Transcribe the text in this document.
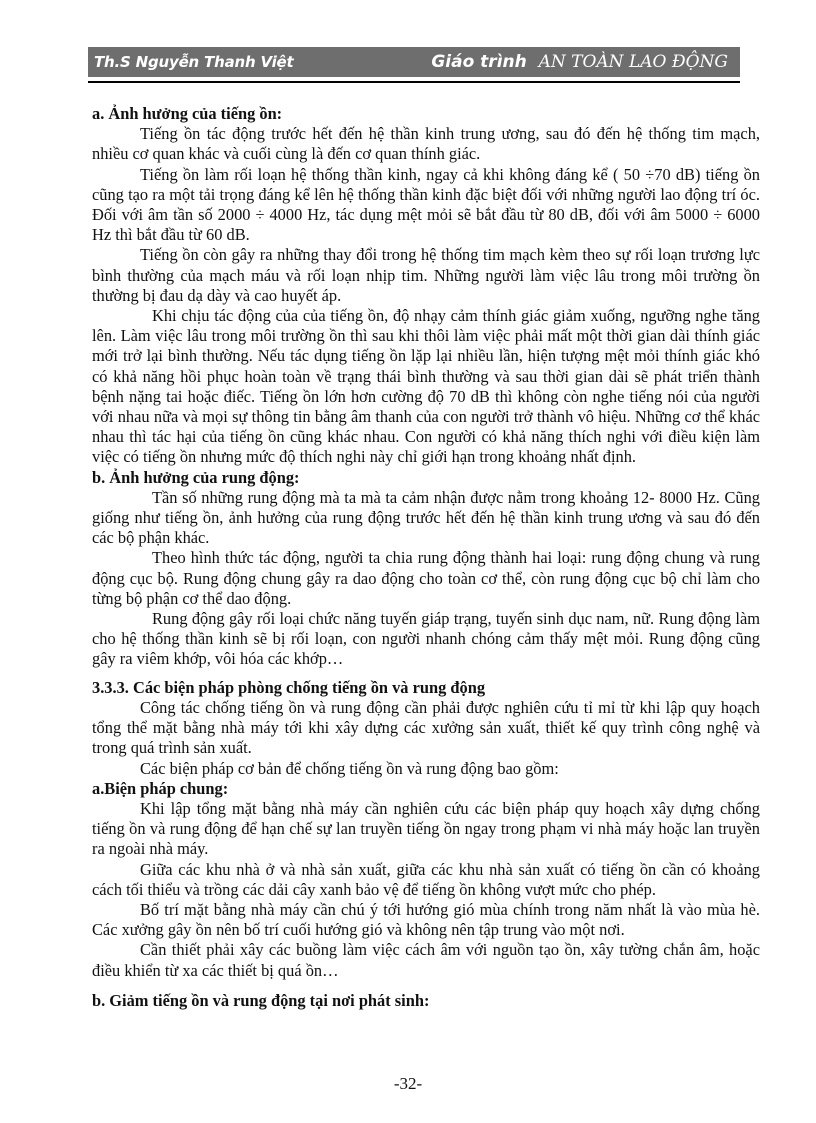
Th.S Nguyễn Thanh Việt	Giáo trình AN TOÀN LAO ĐỘNG
a. Ảnh hưởng của tiếng ồn:

Tiếng ồn tác động trước hết đến hệ thần kinh trung ương, sau đó đến hệ thống tim mạch, nhiều cơ quan khác và cuối cùng là đến cơ quan thính giác.

Tiếng ồn làm rối loạn hệ thống thần kinh, ngay cả khi không đáng kể ( 50 ÷70 dB) tiếng ồn cũng tạo ra một tải trọng đáng kể lên hệ thống thần kinh đặc biệt đối với những người lao động trí óc. Đối với âm tần số 2000 ÷ 4000 Hz, tác dụng mệt mỏi sẽ bắt đầu từ 80 dB, đối với âm 5000 ÷ 6000 Hz thì bắt đầu từ 60 dB.

Tiếng ồn còn gây ra những thay đổi trong hệ thống tim mạch kèm theo sự rối loạn trương lực bình thường của mạch máu và rối loạn nhịp tim. Những người làm việc lâu trong môi trường ồn thường bị đau dạ dày và cao huyết áp.

Khi chịu tác động của của tiếng ồn, độ nhạy cảm thính giác giảm xuống, ngưỡng nghe tăng lên. Làm việc lâu trong môi trường ồn thì sau khi thôi làm việc phải mất một thời gian dài thính giác mới trở lại bình thường. Nếu tác dụng tiếng ồn lặp lại nhiều lần, hiện tượng mệt mỏi thính giác khó có khả năng hồi phục hoàn toàn về trạng thái bình thường và sau thời gian dài sẽ phát triển thành bệnh nặng tai hoặc điếc. Tiếng ồn lớn hơn cường độ 70 dB thì không còn nghe tiếng nói của người với nhau nữa và mọi sự thông tin bằng âm thanh của con người trở thành vô hiệu. Những cơ thể khác nhau thì tác hại của tiếng ồn cũng khác nhau. Con người có khả năng thích nghi với điều kiện làm việc có tiếng ồn nhưng mức độ thích nghi này chỉ giới hạn trong khoảng nhất định.

b. Ảnh hưởng của rung động:

Tần số những rung động mà ta mà ta cảm nhận được nằm trong khoảng 12- 8000 Hz. Cũng giống như tiếng ồn, ảnh hưởng của rung động trước hết đến hệ thần kinh trung ương và sau đó đến các bộ phận khác.

Theo hình thức tác động, người ta chia rung động thành hai loại: rung động chung và rung động cục bộ. Rung động chung gây ra dao động cho toàn cơ thể, còn rung động cục bộ chỉ làm cho từng bộ phận cơ thể dao động.

Rung động gây rối loại chức năng tuyến giáp trạng, tuyến sinh dục nam, nữ. Rung động làm cho hệ thống thần kinh sẽ bị rối loạn, con người nhanh chóng cảm thấy mệt mỏi. Rung động cũng gây ra viêm khớp, vôi hóa các khớp…

3.3.3. Các biện pháp phòng chống tiếng ồn và rung động

Công tác chống tiếng ồn và rung động cần phải được nghiên cứu tỉ mỉ từ khi lập quy hoạch tổng thể mặt bằng nhà máy tới khi xây dựng các xưởng sản xuất, thiết kế quy trình công nghệ và trong quá trình sản xuất.

Các biện pháp cơ bản để chống tiếng ồn và rung động bao gồm:

a.Biện pháp chung:

Khi lập tổng mặt bằng nhà máy cần nghiên cứu các biện pháp quy hoạch xây dựng chống tiếng ồn và rung động để hạn chế sự lan truyền tiếng ồn ngay trong phạm vi nhà máy hoặc lan truyền ra ngoài nhà máy.

Giữa các khu nhà ở và nhà sản xuất, giữa các khu nhà sản xuất có tiếng ồn cần có khoảng cách tối thiểu và trồng các dải cây xanh bảo vệ để tiếng ồn không vượt mức cho phép.

Bố trí mặt bằng nhà máy cần chú ý tới hướng gió mùa chính trong năm nhất là vào mùa hè. Các xưởng gây ồn nên bố trí cuối hướng gió và không nên tập trung vào một nơi.

Cần thiết phải xây các buồng làm việc cách âm với nguồn tạo ồn, xây tường chắn âm, hoặc điều khiển từ xa các thiết bị quá ồn…

b. Giảm tiếng ồn và rung động tại nơi phát sinh:
-32-
